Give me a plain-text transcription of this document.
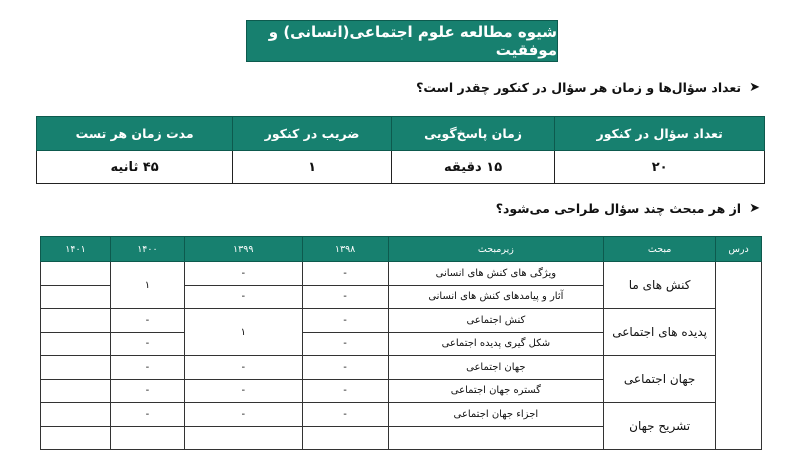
شیوه مطالعه علوم اجتماعی(انسانی) و موفقیت
➤
تعداد سؤال‌ها و زمان هر سؤال در کنکور چقدر است؟
تعداد سؤال در کنکور	زمان پاسخ‌گویی	ضریب در کنکور	مدت زمان هر تست
۲۰	۱۵ دقیقه	۱	۴۵ ثانیه
➤
از هر مبحث چند سؤال طراحی می‌شود؟
درس	مبحث	زیرمبحث	۱۳۹۸	۱۳۹۹	۱۴۰۰	۱۴۰۱
	کنش های ما	ویژگی های کنش های انسانی	-	-	۱	
		آثار و پیامدهای کنش های انسانی	-	-		
	پدیده های اجتماعی	کنش اجتماعی	-	۱	-	
		شکل گیری پدیده اجتماعی	-		-	
	جهان اجتماعی	جهان اجتماعی	-	-	-	
		گستره جهان اجتماعی	-	-	-	
	تشریح جهان	اجزاء جهان اجتماعی	-	-	-	
